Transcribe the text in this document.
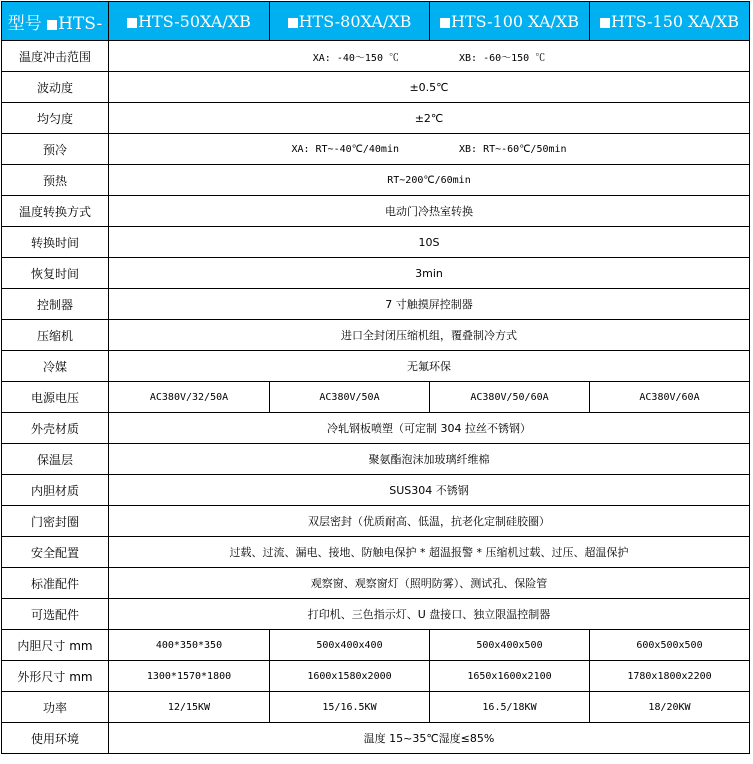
型号 HTS-	HTS-50XA/XB	HTS-80XA/XB	HTS-100 XA/XB	HTS-150 XA/XB
温度冲击范围	XA: -40～150 ℃ XB: -60～150 ℃			
波动度	±0.5℃			
均匀度	±2℃			
预冷	XA: RT~-40℃/40min XB: RT~-60℃/50min			
预热	RT~200℃/60min			
温度转换方式	电动门冷热室转换			
转换时间	10S			
恢复时间	3min			
控制器	7 寸触摸屏控制器			
压缩机	进口全封闭压缩机组，覆叠制冷方式			
冷媒	无氟环保			
电源电压	AC380V/32/50A	AC380V/50A	AC380V/50/60A	AC380V/60A
外壳材质	冷轧钢板喷塑（可定制 304 拉丝不锈钢）			
保温层	聚氨酯泡沫加玻璃纤维棉			
内胆材质	SUS304 不锈钢			
门密封圈	双层密封（优质耐高、低温，抗老化定制硅胶圈）			
安全配置	过载、过流、漏电、接地、防触电保护 * 超温报警 * 压缩机过载、过压、超温保护			
标准配件	观察窗、观察窗灯（照明防雾）、测试孔、保险管			
可选配件	打印机、三色指示灯、U 盘接口、独立限温控制器			
内胆尺寸 mm	400*350*350	500x400x400	500x400x500	600x500x500
外形尺寸 mm	1300*1570*1800	1600x1580x2000	1650x1600x2100	1780x1800x2200
功率	12/15KW	15/16.5KW	16.5/18KW	18/20KW
使用环境	温度 15~35℃湿度≤85%			
